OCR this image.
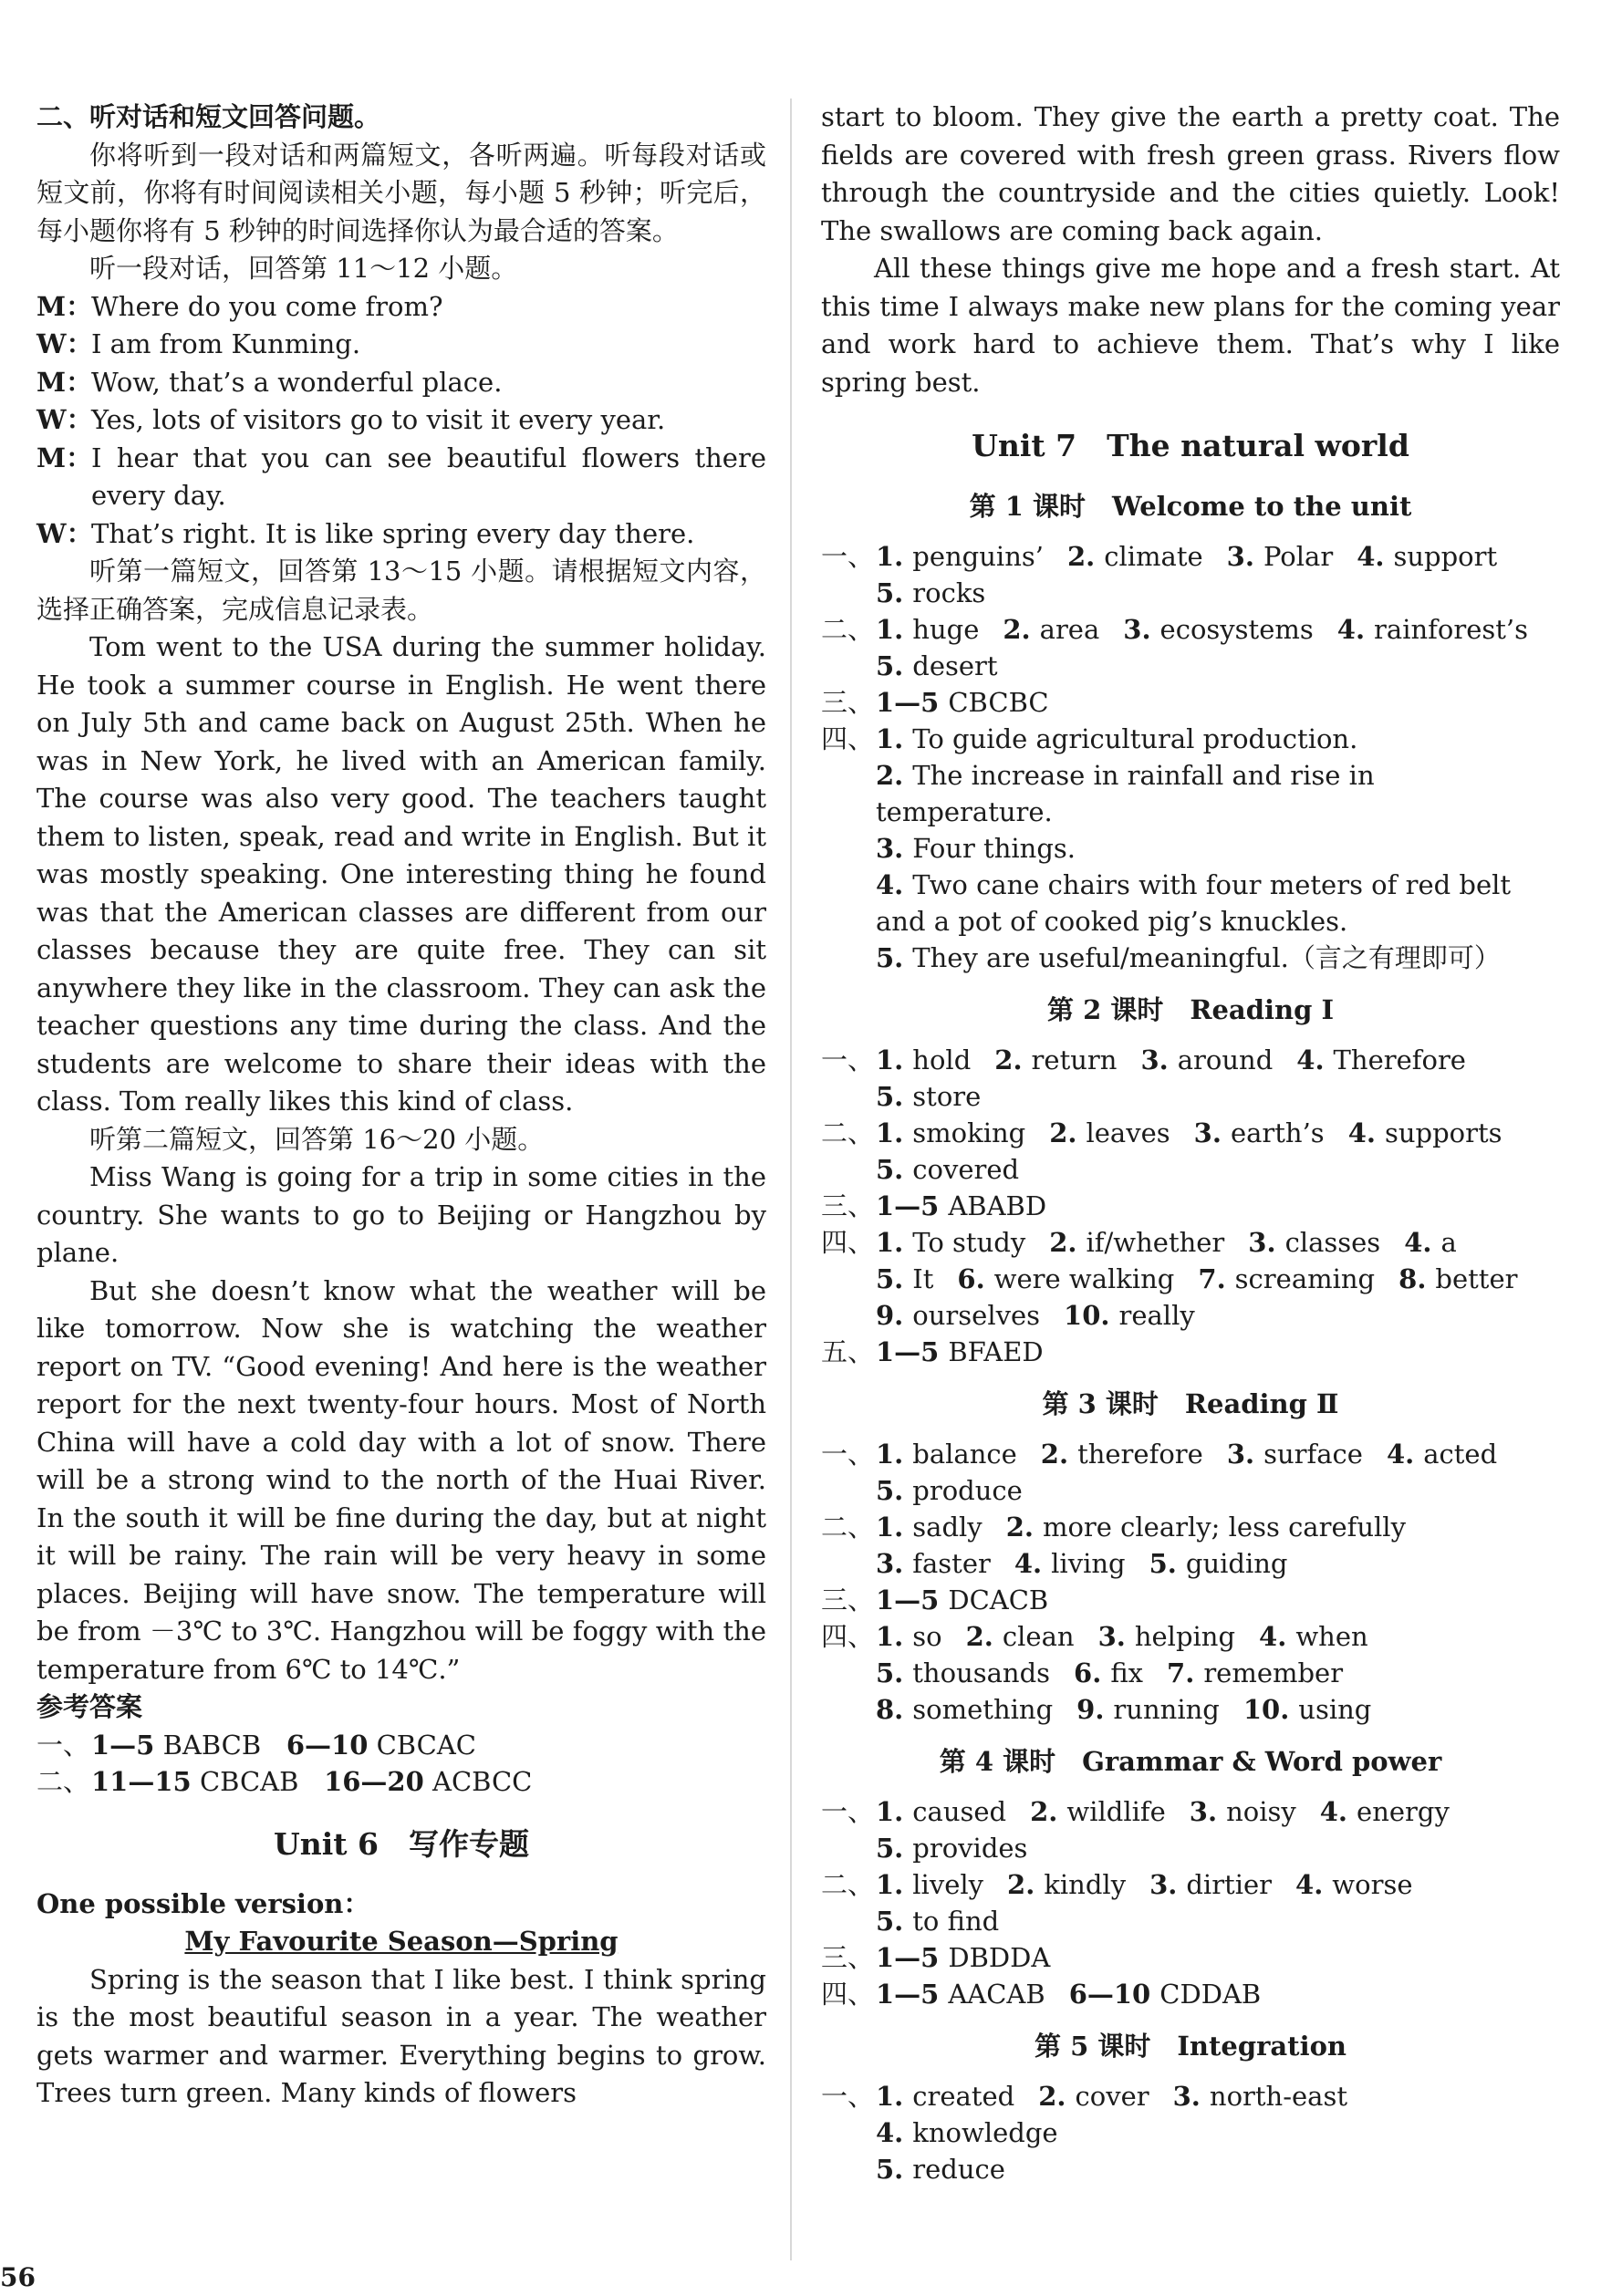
二、听对话和短文回答问题。

你将听到一段对话和两篇短文，各听两遍。听每段对话或短文前，你将有时间阅读相关小题，每小题 5 秒钟；听完后，每小题你将有 5 秒钟的时间选择你认为最合适的答案。

听一段对话，回答第 11～12 小题。

M：
Where do you come from?
W：
I am from Kunming.
M：
Wow, that’s a wonderful place.
W：
Yes, lots of visitors go to visit it every year.
M：
I hear that you can see beautiful flowers there every day.
W：
That’s right. It is like spring every day there.

听第一篇短文，回答第 13～15 小题。请根据短文内容，选择正确答案，完成信息记录表。

Tom went to the USA during the summer holiday. He took a summer course in English. He went there on July 5th and came back on August 25th. When he was in New York, he lived with an American family. The course was also very good. The teachers taught them to listen, speak, read and write in English. But it was mostly speaking. One interesting thing he found was that the American classes are different from our classes because they are quite free. They can sit anywhere they like in the classroom. They can ask the teacher questions any time during the class. And the students are welcome to share their ideas with the class. Tom really likes this kind of class.

听第二篇短文，回答第 16～20 小题。

Miss Wang is going for a trip in some cities in the country. She wants to go to Beijing or Hangzhou by plane.

But she doesn’t know what the weather will be like tomorrow. Now she is watching the weather report on TV. “Good evening! And here is the weather report for the next twenty-four hours. Most of North China will have a cold day with a lot of snow. There will be a strong wind to the north of the Huai River. In the south it will be fine during the day, but at night it will be rainy. The rain will be very heavy in some places. Beijing will have snow. The temperature will be from －3℃ to 3℃. Hangzhou will be foggy with the temperature from 6℃ to 14℃.”

参考答案

一、 1—5 BABCB 6—10 CBCAC
二、 11—15 CBCAB 16—20 ACBCC
Unit 6　写作专题

One possible version：

My Favourite Season—Spring

Spring is the season that I like best. I think spring is the most beautiful season in a year. The weather gets warmer and warmer. Everything begins to grow. Trees turn green. Many kinds of flowers

start to bloom. They give the earth a pretty coat. The fields are covered with fresh green grass. Rivers flow through the countryside and the cities quietly. Look! The swallows are coming back again.

All these things give me hope and a fresh start. At this time I always make new plans for the coming year and work hard to achieve them. That’s why I like spring best.

Unit 7　The natural world
第 1 课时　Welcome to the unit
一、 1. penguins’ 2. climate 3. Polar 4. support
5. rocks
二、 1. huge 2. area 3. ecosystems 4. rainforest’s
5. desert
三、 1—5 CBCBC
四、 1. To guide agricultural production.
2. The increase in rainfall and rise in temperature.
3. Four things.
4. Two cane chairs with four meters of red belt and a pot of cooked pig’s knuckles.
5. They are useful/meaningful.（言之有理即可）
第 2 课时　Reading Ⅰ
一、 1. hold 2. return 3. around 4. Therefore
5. store
二、 1. smoking 2. leaves 3. earth’s 4. supports
5. covered
三、 1—5 ABABD
四、 1. To study 2. if/whether 3. classes 4. a
5. It 6. were walking 7. screaming 8. better
9. ourselves 10. really
五、 1—5 BFAED
第 3 课时　Reading Ⅱ
一、 1. balance 2. therefore 3. surface 4. acted
5. produce
二、 1. sadly 2. more clearly; less carefully
3. faster 4. living 5. guiding
三、 1—5 DCACB
四、 1. so 2. clean 3. helping 4. when
5. thousands 6. fix 7. remember
8. something 9. running 10. using
第 4 课时　Grammar & Word power
一、 1. caused 2. wildlife 3. noisy 4. energy
5. provides
二、 1. lively 2. kindly 3. dirtier 4. worse
5. to find
三、 1—5 DBDDA
四、 1—5 AACAB 6—10 CDDAB
第 5 课时　Integration
一、 1. created 2. cover 3. north-east4. knowledge
5. reduce
56
